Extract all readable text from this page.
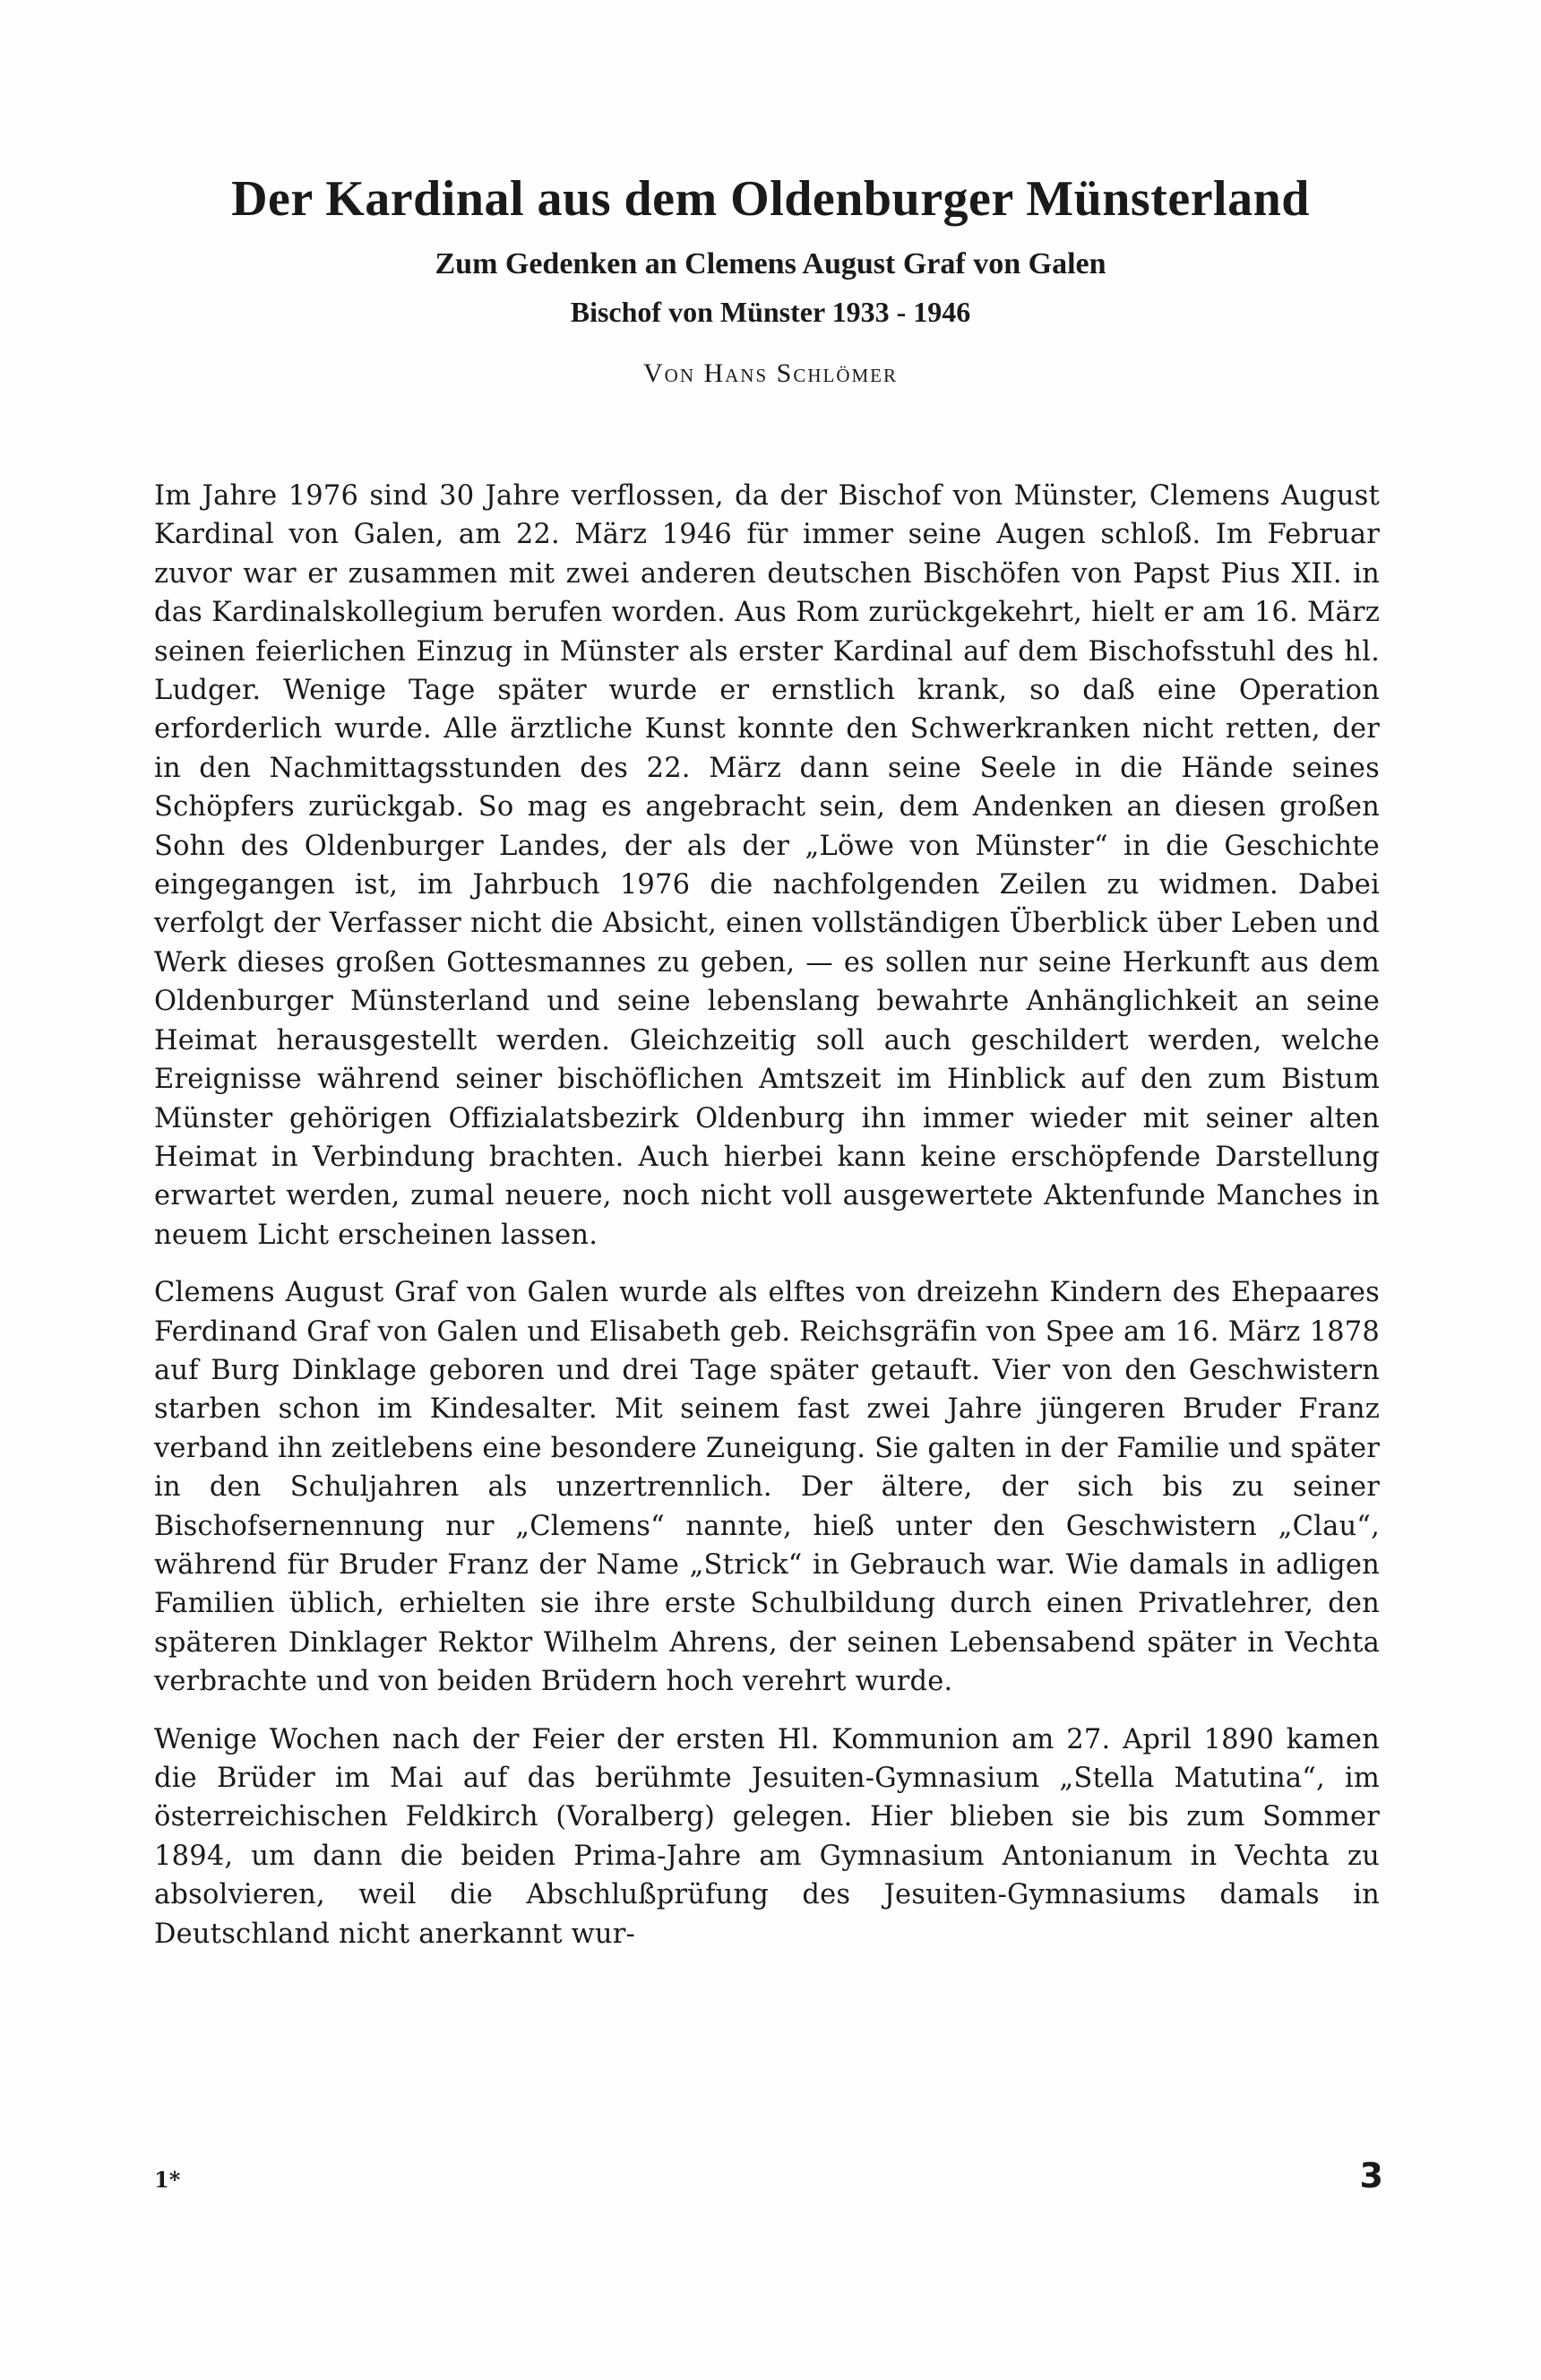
Der Kardinal aus dem Oldenburger Münsterland
Zum Gedenken an Clemens August Graf von Galen
Bischof von Münster 1933 - 1946
Von Hans Schlömer

Im Jahre 1976 sind 30 Jahre verflossen, da der Bischof von Münster, Clemens August Kardinal von Galen, am 22. März 1946 für immer seine Augen schloß. Im Februar zuvor war er zusammen mit zwei anderen deutschen Bischöfen von Papst Pius XII. in das Kardinalskollegium berufen worden. Aus Rom zurückgekehrt, hielt er am 16. März seinen feierlichen Einzug in Münster als erster Kardinal auf dem Bischofsstuhl des hl. Ludger. Wenige Tage später wurde er ernstlich krank, so daß eine Operation erforderlich wurde. Alle ärztliche Kunst konnte den Schwerkranken nicht retten, der in den Nachmittagsstunden des 22. März dann seine Seele in die Hände seines Schöpfers zurückgab. So mag es angebracht sein, dem Andenken an diesen großen Sohn des Oldenburger Landes, der als der „Löwe von Münster“ in die Geschichte eingegangen ist, im Jahrbuch 1976 die nachfolgenden Zeilen zu widmen. Dabei verfolgt der Verfasser nicht die Absicht, einen vollständigen Überblick über Leben und Werk dieses großen Gottesmannes zu geben, — es sollen nur seine Herkunft aus dem Oldenburger Münsterland und seine lebenslang bewahrte Anhänglichkeit an seine Heimat herausgestellt werden. Gleichzeitig soll auch geschildert werden, welche Ereignisse während seiner bischöflichen Amtszeit im Hinblick auf den zum Bistum Münster gehörigen Offizialatsbezirk Oldenburg ihn immer wieder mit seiner alten Heimat in Verbindung brachten. Auch hierbei kann keine erschöpfende Darstellung erwartet werden, zumal neuere, noch nicht voll ausgewertete Aktenfunde Manches in neuem Licht erscheinen lassen.

Clemens August Graf von Galen wurde als elftes von dreizehn Kindern des Ehepaares Ferdinand Graf von Galen und Elisabeth geb. Reichsgräfin von Spee am 16. März 1878 auf Burg Dinklage geboren und drei Tage später getauft. Vier von den Geschwistern starben schon im Kindesalter. Mit seinem fast zwei Jahre jüngeren Bruder Franz verband ihn zeitlebens eine besondere Zuneigung. Sie galten in der Familie und später in den Schuljahren als unzertrennlich. Der ältere, der sich bis zu seiner Bischofsernennung nur „Clemens“ nannte, hieß unter den Geschwistern „Clau“, während für Bruder Franz der Name „Strick“ in Gebrauch war. Wie damals in adligen Familien üblich, erhielten sie ihre erste Schulbildung durch einen Privatlehrer, den späteren Dinklager Rektor Wilhelm Ahrens, der seinen Lebensabend später in Vechta verbrachte und von beiden Brüdern hoch verehrt wurde.

Wenige Wochen nach der Feier der ersten Hl. Kommunion am 27. April 1890 kamen die Brüder im Mai auf das berühmte Jesuiten-Gymnasium „Stella Matutina“, im österreichischen Feldkirch (Voralberg) gelegen. Hier blieben sie bis zum Sommer 1894, um dann die beiden Prima-Jahre am Gymnasium Antonianum in Vechta zu absolvieren, weil die Abschlußprüfung des Jesuiten-Gymnasiums damals in Deutschland nicht anerkannt wur-

1*	3
